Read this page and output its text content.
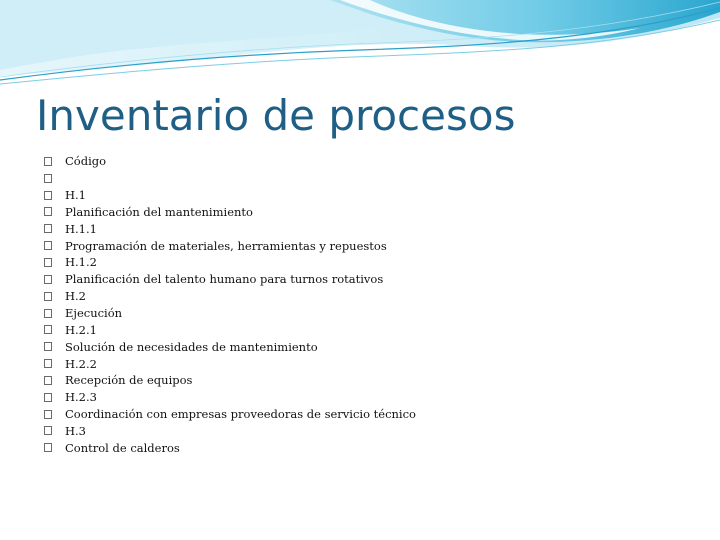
Inventario de procesos
Código
H.1
Planificación del mantenimiento
H.1.1
Programación de materiales, herramientas y repuestos
H.1.2
Planificación del talento humano para turnos rotativos
H.2
Ejecución
H.2.1
Solución de necesidades de mantenimiento
H.2.2
Recepción de equipos
H.2.3
Coordinación con empresas proveedoras de servicio técnico
H.3
Control de calderos
